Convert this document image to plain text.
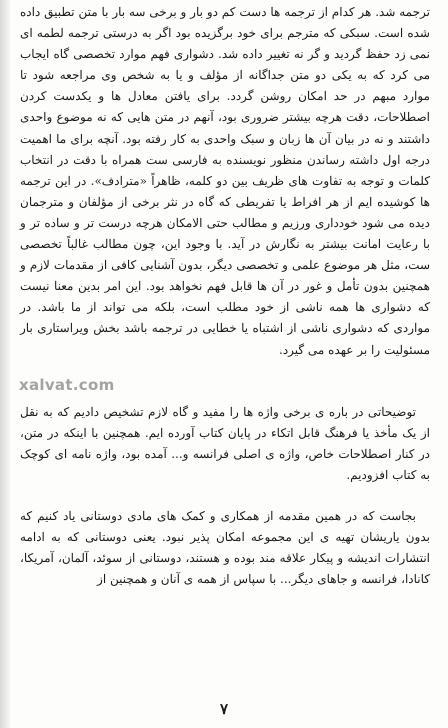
ترجمه شد. هر کدام از ترجمه ها دست کم دو بار و برخی سه بار با متن تطبیق داده شده است. سبکی که مترجم برای خود برگزیده بود اگر به درستی ترجمه لطمه ای نمی زد حفظ گردید و گر نه تغییر داده شد. دشواری فهم موارد تخصصی گاه ایجاب می کرد که به یکی دو متن جداگانه از مؤلف و یا به شخص وی مراجعه شود تا موارد مبهم در حد امکان روشن گردد. برای یافتن معادل ها و یکدست کردن اصطلاحات، دقت هرچه بیشتر ضروری بود، آنهم در متن هایی که نه موضوع واحدی داشتند و نه در بیان آن ها زبان و سبک واحدی به کار رفته بود. آنچه برای ما اهمیت درجه اول داشته رساندن منظور نویسنده به فارسی ست همراه با دقت در انتخاب کلمات و توجه به تفاوت های ظریف بین دو کلمه، ظاهراً «مترادف». در این ترجمه ها کوشیده ایم از هر افراط یا تفریطی که گاه در نثر برخی از مؤلفان و مترجمان دیده می شود خودداری ورزیم و مطالب حتی الامکان هرچه درست تر و ساده تر و با رعایت امانت بیشتر به نگارش در آید. با وجود این، چون مطالب غالباً تخصصی ست، مثل هر موضوع علمی و تخصصی دیگر، بدون آشنایی کافی از مقدمات لازم و همچنین بدون تأمل و غور در آن ها قابل فهم نخواهد بود. این امر بدین معنا نیست که دشواری ها همه ناشی از خود مطلب است، بلکه می تواند از ما باشد. در مواردی که دشواری ناشی از اشتباه یا خطایی در ترجمه باشد بخش ویراستاری بار مسئولیت را بر عهده می گیرد.

توضیحاتی در باره ی برخی واژه ها را مفید و گاه لازم تشخیص دادیم که به نقل از یک مأخذ یا فرهنگ قابل اتکاء در پایان کتاب آورده ایم. همچنین با اینکه در متن، در کنار اصطلاحات خاص، واژه ی اصلی فرانسه و... آمده بود، واژه نامه ای کوچک به کتاب افزودیم.

بجاست که در همین مقدمه از همکاری و کمک های مادی دوستانی یاد کنیم که بدون یاریشان تهیه ی این مجموعه امکان پذیر نبود. یعنی دوستانی که به ادامه انتشارات اندیشه و پیکار علاقه مند بوده و هستند، دوستانی از سوئد، آلمان، آمریکا، کانادا، فرانسه و جاهای دیگر... با سپاس از همه ی آنان و همچنین از

xalvat.com
۷
